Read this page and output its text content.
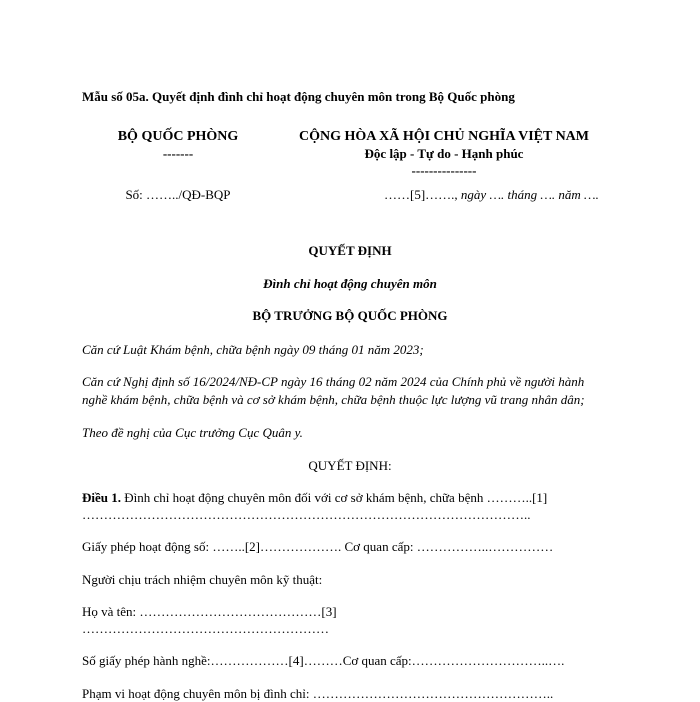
Mẫu số 05a. Quyết định đình chỉ hoạt động chuyên môn trong Bộ Quốc phòng
BỘ QUỐC PHÒNG
-------
Số: ……../QĐ-BQP
CỘNG HÒA XÃ HỘI CHỦ NGHĨA VIỆT NAM
Độc lập - Tự do - Hạnh phúc
---------------
……[5]……., ngày …. tháng …. năm ….
QUYẾT ĐỊNH
Đình chỉ hoạt động chuyên môn
BỘ TRƯỞNG BỘ QUỐC PHÒNG
Căn cứ Luật Khám bệnh, chữa bệnh ngày 09 tháng 01 năm 2023;
Căn cứ Nghị định số 16/2024/NĐ-CP ngày 16 tháng 02 năm 2024 của Chính phủ về người hành
nghề khám bệnh, chữa bệnh và cơ sở khám bệnh, chữa bệnh thuộc lực lượng vũ trang nhân dân;
Theo đề nghị của Cục trưởng Cục Quân y.
QUYẾT ĐỊNH:
Điều 1. Đình chỉ hoạt động chuyên môn đối với cơ sở khám bệnh, chữa bệnh ………..[1]
…………………………………………………………………………………………..
Giấy phép hoạt động số: ……..[2]………………. Cơ quan cấp: ……………..……………
Người chịu trách nhiệm chuyên môn kỹ thuật:
Họ và tên: ……………………………………[3]
…………………………………………………
Số giấy phép hành nghề:………………[4]………Cơ quan cấp:…………………………..….
Phạm vi hoạt động chuyên môn bị đình chỉ: ………………………………………………..
